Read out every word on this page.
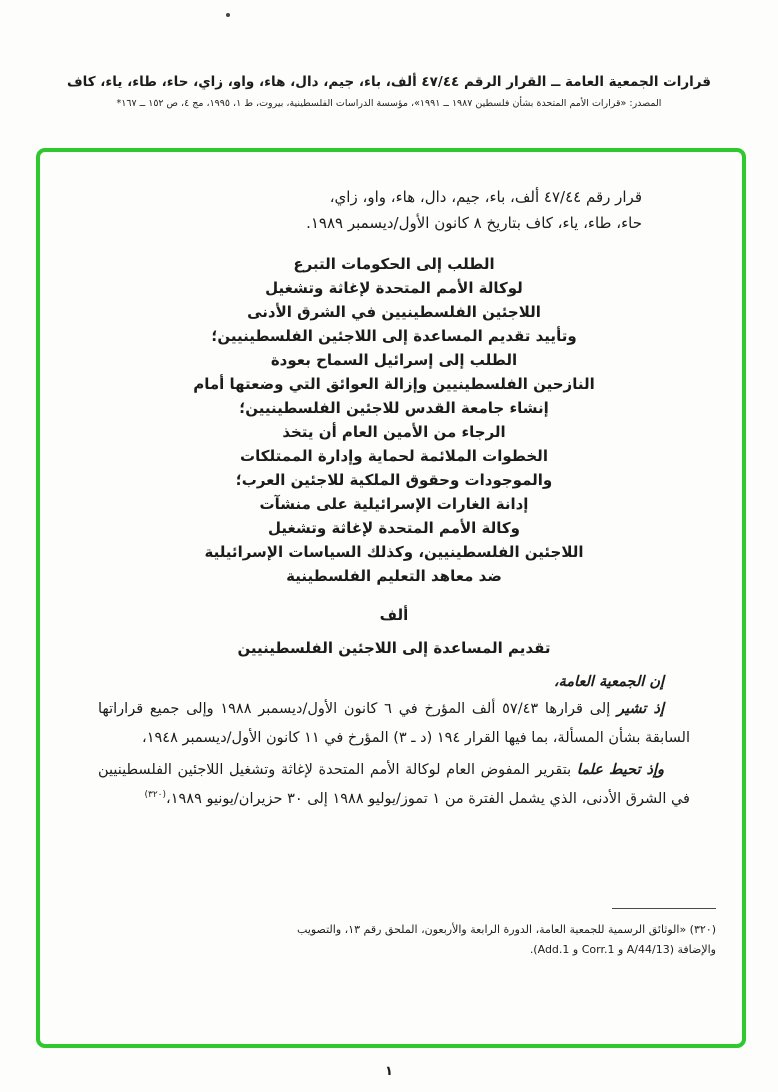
قرارات الجمعية العامة ــ القرار الرقم ٤٧/٤٤ ألف، باء، جيم، دال، هاء، واو، زاي، حاء، طاء، ياء، كاف
المصدر: «قرارات الأمم المتحدة بشأن فلسطين ١٩٨٧ ــ ١٩٩١»، مؤسسة الدراسات الفلسطينية، بيروت، ط ١، ١٩٩٥، مج ٤، ص ١٥٢ ــ ١٦٧*
قرار رقم ٤٧/٤٤ ألف، باء، جيم، دال، هاء، واو، زاي،
حاء، طاء، ياء، كاف بتاريخ ٨ كانون الأول/ديسمبر ١٩٨٩.
الطلب إلى الحكومات التبرع
لوكالة الأمم المتحدة لإغاثة وتشغيل
اللاجئين الفلسطينيين في الشرق الأدنى
وتأييد تقديم المساعدة إلى اللاجئين الفلسطينيين؛
الطلب إلى إسرائيل السماح بعودة
النازحين الفلسطينيين وإزالة العوائق التي وضعتها أمام
إنشاء جامعة القدس للاجئين الفلسطينيين؛
الرجاء من الأمين العام أن يتخذ
الخطوات الملائمة لحماية وإدارة الممتلكات
والموجودات وحقوق الملكية للاجئين العرب؛
إدانة الغارات الإسرائيلية على منشآت
وكالة الأمم المتحدة لإغاثة وتشغيل
اللاجئين الفلسطينيين، وكذلك السياسات الإسرائيلية
ضد معاهد التعليم الفلسطينية
ألف
تقديم المساعدة إلى اللاجئين الفلسطينيين
إن الجمعية العامة،
إذ تشير إلى قرارها ٥٧/٤٣ ألف المؤرخ في ٦ كانون الأول/ديسمبر ١٩٨٨ وإلى جميع قراراتها السابقة بشأن المسألة، بما فيها القرار ١٩٤ (د ـ ٣) المؤرخ في ١١ كانون الأول/ديسمبر ١٩٤٨،
وإذ تحيط علما بتقرير المفوض العام لوكالة الأمم المتحدة لإغاثة وتشغيل اللاجئين الفلسطينيين في الشرق الأدنى، الذي يشمل الفترة من ١ تموز/يوليو ١٩٨٨ إلى ٣٠ حزيران/يونيو ١٩٨٩،$^{(٣٢٠)}$
(٣٢٠) «الوثائق الرسمية للجمعية العامة، الدورة الرابعة والأربعون، الملحق رقم ١٣، والتصويب والإضافة (A/44/13 و Corr.1 و Add.1).
١
